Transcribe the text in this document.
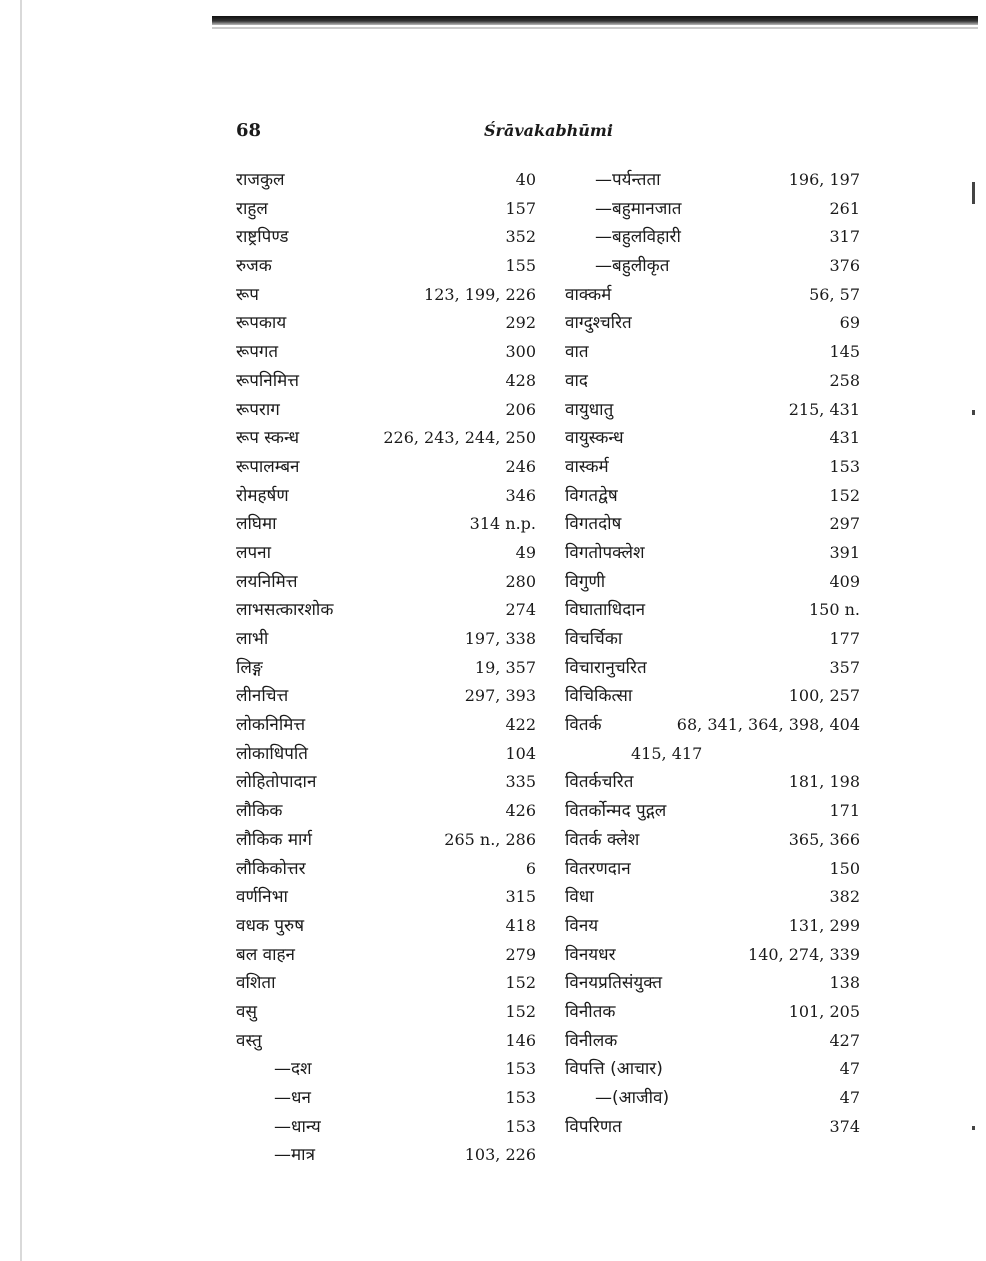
68	Śrāvakabhūmi
राजकुल	40
राहुल	157
राष्ट्रपिण्ड	352
रुजक	155
रूप	123, 199, 226
रूपकाय	292
रूपगत	300
रूपनिमित्त	428
रूपराग	206
रूप स्कन्ध	226, 243, 244, 250
रूपालम्बन	246
रोमहर्षण	346
लघिमा	314 n.p.
लपना	49
लयनिमित्त	280
लाभसत्कारशोक	274
लाभी	197, 338
लिङ्ग	19, 357
लीनचित्त	297, 393
लोकनिमित्त	422
लोकाधिपति	104
लोहितोपादान	335
लौकिक	426
लौकिक मार्ग	265 n., 286
लौकिकोत्तर	6
वर्णनिभा	315
वधक पुरुष	418
बल वाहन	279
वशिता	152
वसु	152
वस्तु	146
—दश	153
—धन	153
—धान्य	153
—मात्र	103, 226
—पर्यन्तता	196, 197
—बहुमानजात	261
—बहुलविहारी	317
—बहुलीकृत	376
वाक्कर्म	56, 57
वाग्दुश्चरित	69
वात	145
वाद	258
वायुधातु	215, 431
वायुस्कन्ध	431
वास्कर्म	153
विगतद्वेष	152
विगतदोष	297
विगतोपक्लेश	391
विगुणी	409
विघाताधिदान	150 n.
विचर्चिका	177
विचारानुचरित	357
विचिकित्सा	100, 257
वितर्क	68, 341, 364, 398, 404
415, 417
वितर्कचरित	181, 198
वितर्कोन्मद पुद्गल	171
वितर्क क्लेश	365, 366
वितरणदान	150
विधा	382
विनय	131, 299
विनयधर	140, 274, 339
विनयप्रतिसंयुक्त	138
विनीतक	101, 205
विनीलक	427
विपत्ति (आचार)	47
—(आजीव)	47
विपरिणत	374
